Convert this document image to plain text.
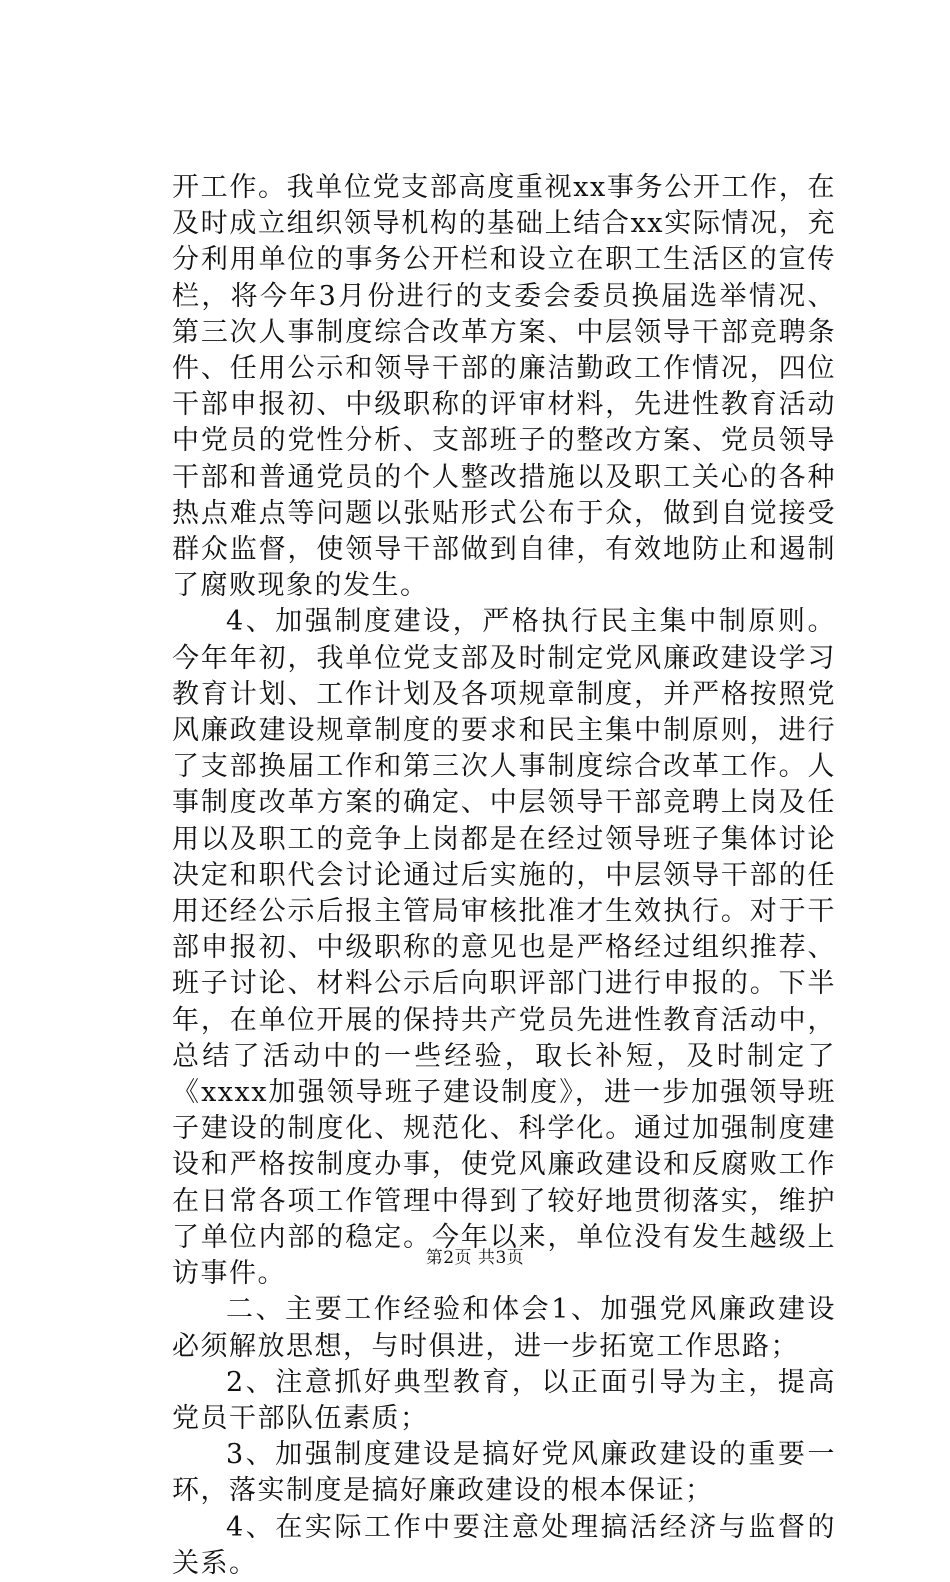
开工作。我单位党支部高度重视xx事务公开工作，在及时成立组织领导机构的基础上结合xx实际情况，充分利用单位的事务公开栏和设立在职工生活区的宣传栏，将今年3月份进行的支委会委员换届选举情况、第三次人事制度综合改革方案、中层领导干部竞聘条件、任用公示和领导干部的廉洁勤政工作情况，四位干部申报初、中级职称的评审材料，先进性教育活动中党员的党性分析、支部班子的整改方案、党员领导干部和普通党员的个人整改措施以及职工关心的各种热点难点等问题以张贴形式公布于众，做到自觉接受群众监督，使领导干部做到自律，有效地防止和遏制了腐败现象的发生。

4、加强制度建设，严格执行民主集中制原则。今年年初，我单位党支部及时制定党风廉政建设学习教育计划、工作计划及各项规章制度，并严格按照党风廉政建设规章制度的要求和民主集中制原则，进行了支部换届工作和第三次人事制度综合改革工作。人事制度改革方案的确定、中层领导干部竞聘上岗及任用以及职工的竞争上岗都是在经过领导班子集体讨论决定和职代会讨论通过后实施的，中层领导干部的任用还经公示后报主管局审核批准才生效执行。对于干部申报初、中级职称的意见也是严格经过组织推荐、班子讨论、材料公示后向职评部门进行申报的。下半年，在单位开展的保持共产党员先进性教育活动中，总结了活动中的一些经验，取长补短，及时制定了《xxxx加强领导班子建设制度》，进一步加强领导班子建设的制度化、规范化、科学化。通过加强制度建设和严格按制度办事，使党风廉政建设和反腐败工作在日常各项工作管理中得到了较好地贯彻落实，维护了单位内部的稳定。今年以来，单位没有发生越级上访事件。

二、主要工作经验和体会1、加强党风廉政建设必须解放思想，与时俱进，进一步拓宽工作思路；

2、注意抓好典型教育，以正面引导为主，提高党员干部队伍素质；

3、加强制度建设是搞好党风廉政建设的重要一环，落实制度是搞好廉政建设的根本保证；

4、在实际工作中要注意处理搞活经济与监督的关系。

第2页 共3页
